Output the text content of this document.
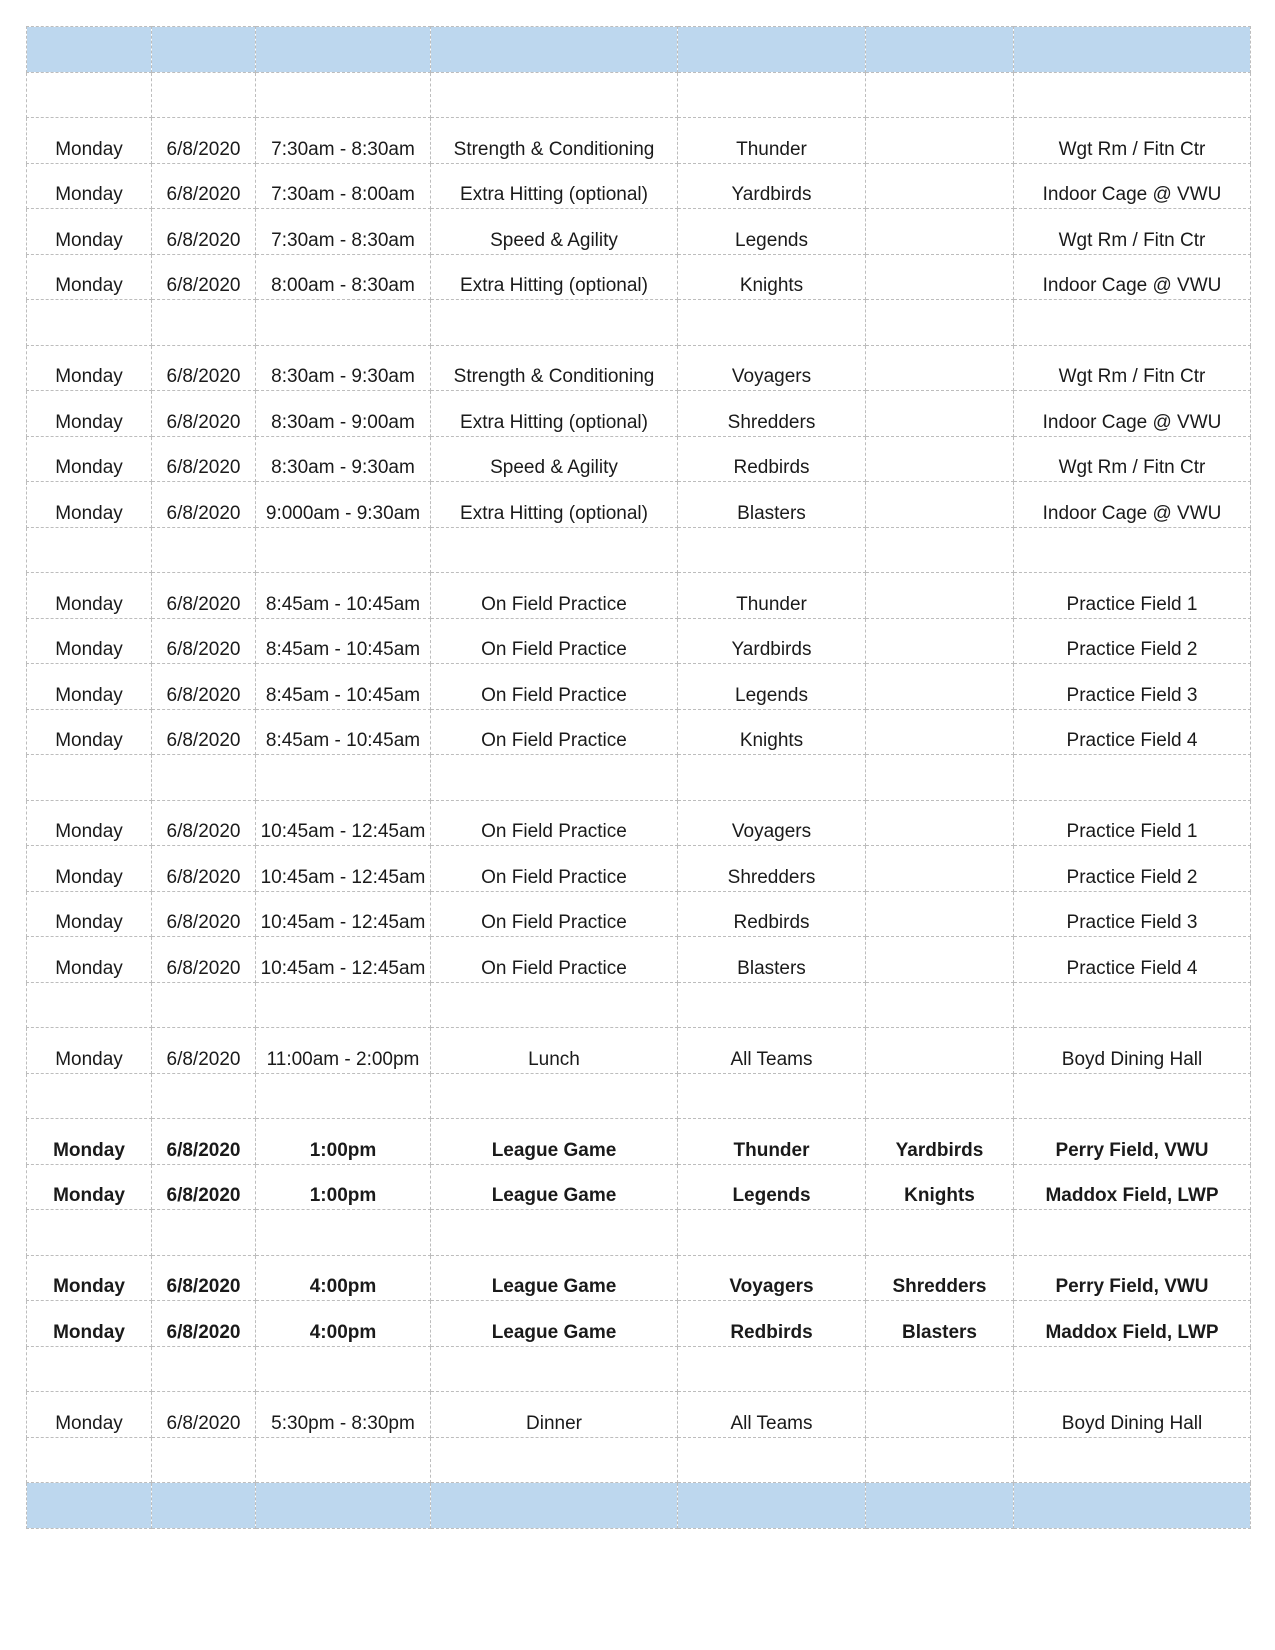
Monday	6/8/2020	7:30am - 8:30am	Strength & Conditioning	Thunder		Wgt Rm / Fitn Ctr
Monday	6/8/2020	7:30am - 8:00am	Extra Hitting (optional)	Yardbirds		Indoor Cage @ VWU
Monday	6/8/2020	7:30am - 8:30am	Speed & Agility	Legends		Wgt Rm / Fitn Ctr
Monday	6/8/2020	8:00am - 8:30am	Extra Hitting (optional)	Knights		Indoor Cage @ VWU

Monday	6/8/2020	8:30am - 9:30am	Strength & Conditioning	Voyagers		Wgt Rm / Fitn Ctr
Monday	6/8/2020	8:30am - 9:00am	Extra Hitting (optional)	Shredders		Indoor Cage @ VWU
Monday	6/8/2020	8:30am - 9:30am	Speed & Agility	Redbirds		Wgt Rm / Fitn Ctr
Monday	6/8/2020	9:000am - 9:30am	Extra Hitting (optional)	Blasters		Indoor Cage @ VWU

Monday	6/8/2020	8:45am - 10:45am	On Field Practice	Thunder		Practice Field 1
Monday	6/8/2020	8:45am - 10:45am	On Field Practice	Yardbirds		Practice Field 2
Monday	6/8/2020	8:45am - 10:45am	On Field Practice	Legends		Practice Field 3
Monday	6/8/2020	8:45am - 10:45am	On Field Practice	Knights		Practice Field 4

Monday	6/8/2020	10:45am - 12:45am	On Field Practice	Voyagers		Practice Field 1
Monday	6/8/2020	10:45am - 12:45am	On Field Practice	Shredders		Practice Field 2
Monday	6/8/2020	10:45am - 12:45am	On Field Practice	Redbirds		Practice Field 3
Monday	6/8/2020	10:45am - 12:45am	On Field Practice	Blasters		Practice Field 4

Monday	6/8/2020	11:00am - 2:00pm	Lunch	All Teams		Boyd Dining Hall

Monday	6/8/2020	1:00pm	League Game	Thunder	Yardbirds	Perry Field, VWU
Monday	6/8/2020	1:00pm	League Game	Legends	Knights	Maddox Field, LWP

Monday	6/8/2020	4:00pm	League Game	Voyagers	Shredders	Perry Field, VWU
Monday	6/8/2020	4:00pm	League Game	Redbirds	Blasters	Maddox Field, LWP

Monday	6/8/2020	5:30pm - 8:30pm	Dinner	All Teams		Boyd Dining Hall
